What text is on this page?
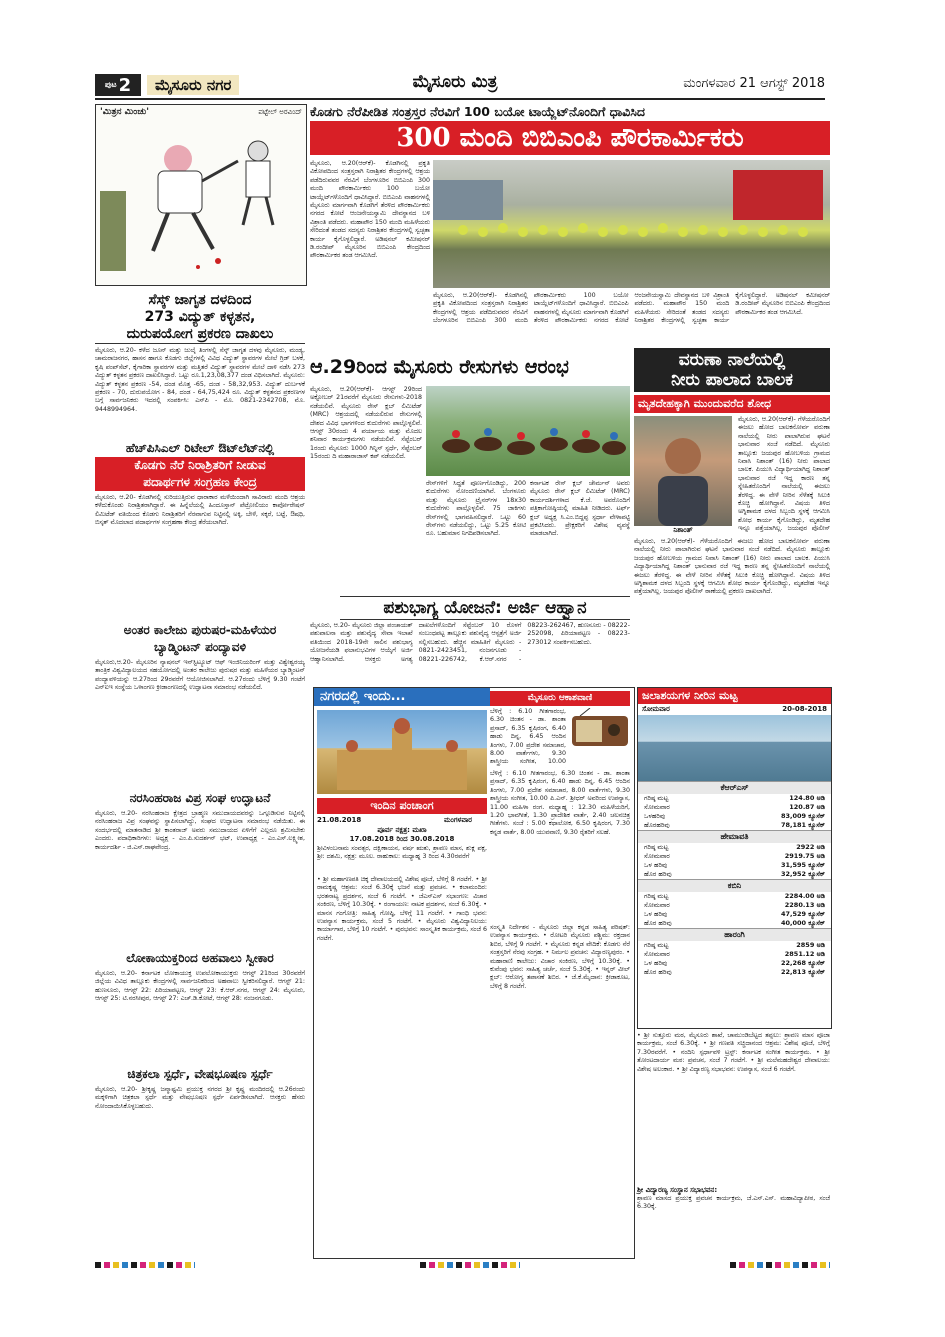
ಪುಟ 2	ಮೈಸೂರು ನಗರ	ಮೈಸೂರು ಮಿತ್ರ	ಮಂಗಳವಾರ 21 ಆಗಸ್ಟ್ 2018
'ಮಿತ್ರನ ಮಿಂಚು'	ಪಟ್ಟೇಲ್ ಅರವಿಂದ್ ಕೊಡಗು ನೆರೆಪೀಡಿತ ಸಂತ್ರಸ್ತರ ನೆರವಿಗೆ 100 ಬಯೋ ಟಾಯ್ಲೆಟ್‌ನೊಂದಿಗೆ ಧಾವಿಸಿದ
300 ಮಂದಿ ಬಿಬಿಎಂಪಿ ಪೌರಕಾರ್ಮಿಕರು
ಮೈಸೂರು, ಆ.20(ಆರ್‌ಕೆ)- ಕೊಡಗಿನಲ್ಲಿ ಪ್ರಕೃತಿ ವಿಕೋಪದಿಂದ ಸಂತ್ರಸ್ತರಾಗಿ ನಿರಾಶ್ರಿತರ ಕೇಂದ್ರಗಳಲ್ಲಿ ಆಶ್ರಯ ಪಡೆದಿರುವವರ ನೆರವಿಗೆ ಬೆಂಗಳೂರಿನ ಬಿಬಿಎಂಪಿ 300 ಮಂದಿ ಪೌರಕಾರ್ಮಿಕರು 100 ಬಯೋ ಟಾಯ್ಲೆಟ್‌ಗಳೊಂದಿಗೆ ಧಾವಿಸಿದ್ದಾರೆ. ಬಿಬಿಎಂಪಿ ವಾಹನಗಳಲ್ಲಿ ಮೈಸೂರು ಮಾರ್ಗವಾಗಿ ಕೊಡಗಿಗೆ ತೆರಳಿದ ಪೌರಕಾರ್ಮಿಕರು ನಗರದ ಕೋಟೆ ಆಂಜನೇಯಸ್ವಾಮಿ ದೇವಸ್ಥಾನದ ಬಳಿ ವಿಶ್ರಾಂತಿ ಪಡೆದರು. ಮಹಾಪೌರ 150 ಮಂದಿ ಮಹಿಳೆಯರು ಸೇರಿದಂತೆ ತಂಡದ ಸದಸ್ಯರು ನಿರಾಶ್ರಿತರ ಕೇಂದ್ರಗಳಲ್ಲಿ ಸ್ವಚ್ಛತಾ ಕಾರ್ಯ ಕೈಗೊಳ್ಳಲಿದ್ದಾರೆ. ಅಡಿಷನಲ್ ಕಮೀಷನರ್ ಡಿ.ರಂದೀಪ್ ಮೈಸೂರಿನ ಬಿಬಿಎಂಪಿ ಕೇಂದ್ರದಿಂದ ಪೌರಕಾರ್ಮಿಕರ ತಂಡ ಆಗಮಿಸಿದೆ.
ಮೈಸೂರು, ಆ.20(ಆರ್‌ಕೆ)- ಕೊಡಗಿನಲ್ಲಿ ಪ್ರಕೃತಿ ವಿಕೋಪದಿಂದ ಸಂತ್ರಸ್ತರಾಗಿ ನಿರಾಶ್ರಿತರ ಕೇಂದ್ರಗಳಲ್ಲಿ ಆಶ್ರಯ ಪಡೆದಿರುವವರ ನೆರವಿಗೆ ಬೆಂಗಳೂರಿನ ಬಿಬಿಎಂಪಿ 300 ಮಂದಿ ಪೌರಕಾರ್ಮಿಕರು 100 ಬಯೋ ಟಾಯ್ಲೆಟ್‌ಗಳೊಂದಿಗೆ ಧಾವಿಸಿದ್ದಾರೆ. ಬಿಬಿಎಂಪಿ ವಾಹನಗಳಲ್ಲಿ ಮೈಸೂರು ಮಾರ್ಗವಾಗಿ ಕೊಡಗಿಗೆ ತೆರಳಿದ ಪೌರಕಾರ್ಮಿಕರು ನಗರದ ಕೋಟೆ ಆಂಜನೇಯಸ್ವಾಮಿ ದೇವಸ್ಥಾನದ ಬಳಿ ವಿಶ್ರಾಂತಿ ಪಡೆದರು. ಮಹಾಪೌರ 150 ಮಂದಿ ಮಹಿಳೆಯರು ಸೇರಿದಂತೆ ತಂಡದ ಸದಸ್ಯರು ನಿರಾಶ್ರಿತರ ಕೇಂದ್ರಗಳಲ್ಲಿ ಸ್ವಚ್ಛತಾ ಕಾರ್ಯ ಕೈಗೊಳ್ಳಲಿದ್ದಾರೆ. ಅಡಿಷನಲ್ ಕಮೀಷನರ್ ಡಿ.ರಂದೀಪ್ ಮೈಸೂರಿನ ಬಿಬಿಎಂಪಿ ಕೇಂದ್ರದಿಂದ ಪೌರಕಾರ್ಮಿಕರ ತಂಡ ಆಗಮಿಸಿದೆ.
ಸೆಸ್ಕ್ ಜಾಗೃತ ದಳದಿಂದ
273 ವಿದ್ಯುತ್ ಕಳ್ಳತನ,
ದುರುಪಯೋಗ ಪ್ರಕರಣ ದಾಖಲು
ಮೈಸೂರು, ಆ.20- ಕಳೆದ ಜೂನ್ ಮತ್ತು ಜುಲೈ ತಿಂಗಳಲ್ಲಿ ಸೆಸ್ಕ್ ಜಾಗೃತ ದಳವು ಮೈಸೂರು, ಮಂಡ್ಯ, ಚಾಮರಾಜನಗರ, ಹಾಸನ ಹಾಗೂ ಕೊಡಗು ಜಿಲ್ಲೆಗಳಲ್ಲಿ ವಿವಿಧ ವಿದ್ಯುತ್ ಸ್ಥಾವರಗಳ ಮೇಲೆ ಗ್ರಿಡ್ ಬಳಕೆ, ಕೃಷಿ ಪಂಪ್‌ಸೆಟ್, ಕೈಗಾರಿಕಾ ಸ್ಥಾವರಗಳ ಮತ್ತು ಮತ್ತಿತರೆ ವಿದ್ಯುತ್ ಸ್ಥಾವರಗಳ ಮೇಲೆ ದಾಳಿ ನಡೆಸಿ 273 ವಿದ್ಯುತ್ ಕಳ್ಳತನ ಪ್ರಕರಣ ದಾಖಲಿಸಿದ್ದಾರೆ. ಒಟ್ಟು ರೂ.1,23,08,377 ದಂಡ ವಿಧಿಸಲಾಗಿದೆ. ಮೈಸೂರು: ವಿದ್ಯುತ್ ಕಳ್ಳತನ ಪ್ರಕರಣ -54, ದಂಡ ಮೊತ್ತ -65, ದಂಡ - 58,32,953. ವಿದ್ಯುತ್ ದುರ್ಬಳಕೆ ಪ್ರಕರಣ - 70, ದುರುಪಯೋಗ - 84, ದಂಡ - 64,75,424 ರೂ. ವಿದ್ಯುತ್ ಕಳ್ಳತನದ ಪ್ರಕರಣಗಳ ಬಗ್ಗೆ ಸಾರ್ವಜನಿಕರು ಇದರಲ್ಲಿ ಸಂಪರ್ಕಿಸಿ: ಎಸ್‌ಪಿ - ಮೊ. 0821-2342708, ಮೊ. 9448994964.
ಹೆಚ್‌ಪಿಸಿಎಲ್ ರಿಟೇಲ್ ಔಟ್‌ಲೆಟ್‌ನಲ್ಲಿ
ಕೊಡಗು ನೆರೆ ನಿರಾಶ್ರಿತರಿಗೆ ನೀಡುವ
ಪದಾರ್ಥಗಳ ಸಂಗ್ರಹಣ ಕೇಂದ್ರ
ಮೈಸೂರು, ಆ.20- ಕೊಡಗಿನಲ್ಲಿ ಸುರಿಯುತ್ತಿರುವ ಧಾರಾಕಾರ ಮಳೆಯಿಂದಾಗಿ ಸಾವಿರಾರು ಮಂದಿ ಆಶ್ರಯ ಕಳೆದುಕೊಂಡು ನಿರಾಶ್ರಿತರಾಗಿದ್ದಾರೆ. ಈ ಹಿನ್ನೆಲೆಯಲ್ಲಿ ಹಿಂದೂಸ್ತಾನ್ ಪೆಟ್ರೋಲಿಯಂ ಕಾರ್ಪೋರೇಷನ್ ಲಿಮಿಟೆಡ್ ವತಿಯಿಂದ ಕೊಡಗು ನಿರಾಶ್ರಿತರಿಗೆ ನೆರವಾಗುವ ನಿಟ್ಟಿನಲ್ಲಿ ಅಕ್ಕಿ, ಬೇಳೆ, ಸಕ್ಕರೆ, ಬಟ್ಟೆ, ಔಷಧಿ, ಬಿಸ್ಕತ್ ಮೊದಲಾದ ಪದಾರ್ಥಗಳ ಸಂಗ್ರಹಣಾ ಕೇಂದ್ರ ತೆರೆಯಲಾಗಿದೆ.
ಅಂತರ ಕಾಲೇಜು ಪುರುಷರ-ಮಹಿಳೆಯರ
ಬ್ಯಾಡ್ಮಿಂಟನ್ ಪಂದ್ಯಾವಳಿ
ಮೈಸೂರು,ಆ.20- ಮೈಸೂರಿನ ನ್ಯಾಷನಲ್ ಇನ್‌ಸ್ಟಿಟ್ಯೂಟ್ ಆಫ್ ಇಂಜಿನಿಯರಿಂಗ್ ಮತ್ತು ವಿಶ್ವೇಶ್ವರಯ್ಯ ತಾಂತ್ರಿಕ ವಿಶ್ವವಿದ್ಯಾಲಯದ ಸಹಯೋಗದಲ್ಲಿ ಅಂತರ ಕಾಲೇಜು ಪುರುಷರ ಮತ್ತು ಮಹಿಳೆಯರ ಬ್ಯಾಡ್ಮಿಂಟನ್ ಪಂದ್ಯಾವಳಿಯನ್ನು ಆ.27ರಿಂದ 29ರವರೆಗೆ ಆಯೋಜಿಸಲಾಗಿದೆ. ಆ.27ರಂದು ಬೆಳಿಗ್ಗೆ 9.30 ಗಂಟೆಗೆ ಎನ್‌ಐಇ ಸಂಸ್ಥೆಯ ಒಳಾಂಗಣ ಕ್ರೀಡಾಂಗಣದಲ್ಲಿ ಉದ್ಘಾಟನಾ ಸಮಾರಂಭ ನಡೆಯಲಿದೆ.
ನರಸಿಂಹರಾಜ ವಿಪ್ರ ಸಂಘ ಉದ್ಘಾಟನೆ
ಮೈಸೂರು, ಆ.20- ನರಸಿಂಹರಾಜ ಕ್ಷೇತ್ರದ ಬ್ರಾಹ್ಮಣ ಸಮುದಾಯದವರನ್ನು ಒಗ್ಗೂಡಿಸುವ ನಿಟ್ಟಿನಲ್ಲಿ ನರಸಿಂಹರಾಜ ವಿಪ್ರ ಸಂಘವನ್ನು ಸ್ಥಾಪಿಸಲಾಗಿದ್ದು, ಸಂಘದ ಉದ್ಘಾಟನಾ ಸಮಾರಂಭ ನಡೆಯಿತು. ಈ ಸಂದರ್ಭದಲ್ಲಿ ಮಾತನಾಡಿದ ಶ್ರೀ ಕಾಂತರಾಜ್ ಅವರು ಸಮುದಾಯದ ಏಳಿಗೆಗೆ ಎಲ್ಲರೂ ಶ್ರಮಿಸಬೇಕು ಎಂದರು. ಪದಾಧಿಕಾರಿಗಳು: ಅಧ್ಯಕ್ಷ - ಎಂ.ಪಿ.ಸುದರ್ಶನ್ ಭಟ್, ಉಪಾಧ್ಯಕ್ಷ - ಎಂ.ಎಸ್.ಲಕ್ಷ್ಮೀಶ, ಕಾರ್ಯದರ್ಶಿ - ಜಿ.ಎಸ್.ರಾಘವೇಂದ್ರ.
ಲೋಕಾಯುಕ್ತರಿಂದ ಅಹವಾಲು ಸ್ವೀಕಾರ
ಮೈಸೂರು, ಆ.20- ಕರ್ನಾಟಕ ಲೋಕಾಯುಕ್ತ ಉಪಲೋಕಾಯುಕ್ತರು ಆಗಸ್ಟ್ 21ರಿಂದ 30ರವರೆಗೆ ಜಿಲ್ಲೆಯ ವಿವಿಧ ತಾಲ್ಲೂಕು ಕೇಂದ್ರಗಳಲ್ಲಿ ಸಾರ್ವಜನಿಕರಿಂದ ಅಹವಾಲು ಸ್ವೀಕರಿಸಲಿದ್ದಾರೆ. ಆಗಸ್ಟ್ 21: ಹುಣಸೂರು, ಆಗಸ್ಟ್ 22: ಪಿರಿಯಾಪಟ್ಟಣ, ಆಗಸ್ಟ್ 23: ಕೆ.ಆರ್.ನಗರ, ಆಗಸ್ಟ್ 24: ಮೈಸೂರು, ಆಗಸ್ಟ್ 25: ಟಿ.ನರಸೀಪುರ, ಆಗಸ್ಟ್ 27: ಎಚ್.ಡಿ.ಕೋಟೆ, ಆಗಸ್ಟ್ 28: ನಂಜನಗೂಡು.
ಚಿತ್ರಕಲಾ ಸ್ಪರ್ಧೆ, ವೇಷಭೂಷಣ ಸ್ಪರ್ಧೆ
ಮೈಸೂರು, ಆ.20- ಶ್ರೀಕೃಷ್ಣ ಜನ್ಮಾಷ್ಟಮಿ ಪ್ರಯುಕ್ತ ನಗರದ ಶ್ರೀ ಕೃಷ್ಣ ಮಂದಿರದಲ್ಲಿ ಆ.26ರಂದು ಮಕ್ಕಳಿಗಾಗಿ ಚಿತ್ರಕಲಾ ಸ್ಪರ್ಧೆ ಮತ್ತು ವೇಷಭೂಷಣ ಸ್ಪರ್ಧೆ ಏರ್ಪಡಿಸಲಾಗಿದೆ. ಆಸಕ್ತರು ಹೆಸರು ನೋಂದಾಯಿಸಿಕೊಳ್ಳಬಹುದು.
ಆ.29ರಿಂದ ಮೈಸೂರು ರೇಸುಗಳು ಆರಂಭ
ಮೈಸೂರು, ಆ.20(ಆರ್‌ಕೆ)- ಆಗಸ್ಟ್ 29ರಿಂದ ಅಕ್ಟೋಬರ್ 21ರವರೆಗೆ ಮೈಸೂರು ರೇಸುಗಳು-2018 ನಡೆಯಲಿವೆ. ಮೈಸೂರು ರೇಸ್ ಕ್ಲಬ್ ಲಿಮಿಟೆಡ್ (MRC) ಆಶ್ರಯದಲ್ಲಿ ನಡೆಯಲಿರುವ ರೇಸುಗಳಲ್ಲಿ ದೇಶದ ವಿವಿಧ ಭಾಗಗಳಿಂದ ಕುದುರೆಗಳು ಪಾಲ್ಗೊಳ್ಳಲಿವೆ. ಆಗಸ್ಟ್ 30ರಂದು 4 ಪರ್ಯಾಯ ಮತ್ತು ಮೊದಲ ಶನಿವಾರ ಕಾರ್ಯಕ್ರಮಗಳು ನಡೆಯಲಿವೆ. ಸೆಪ್ಟೆಂಬರ್ 1ರಂದು ಮೈಸೂರು 1000 ಗಿನ್ನಿಸ್ ಸ್ಪರ್ಧೆ, ಸೆಪ್ಟೆಂಬರ್ 15ರಂದು ದಿ ಮಹಾರಾಜಾಸ್ ಕಪ್ ನಡೆಯಲಿದೆ.
ರೇಸ್‌ಗಳಿಗೆ ಸಿದ್ಧತೆ ಪೂರ್ಣಗೊಂಡಿದ್ದು, 200 ಕುದುರೆಗಳು ನೋಂದಣಿಯಾಗಿವೆ. ಬೆಂಗಳೂರು ಮತ್ತು ಮೈಸೂರು ಟ್ರೈನರ್‌ಗಳ 18x30 ಕುದುರೆಗಳು ಪಾಲ್ಗೊಳ್ಳಲಿವೆ. 75 ಜಾಕಿಗಳು ರೇಸ್‌ಗಳಲ್ಲಿ ಭಾಗವಹಿಸಲಿದ್ದಾರೆ. ಒಟ್ಟು 60 ರೇಸ್‌ಗಳು ನಡೆಯಲಿದ್ದು, ಒಟ್ಟು 5.25 ಕೋಟಿ ರೂ. ಬಹುಮಾನ ನಿಗದಿಪಡಿಸಲಾಗಿದೆ.
ಕರ್ನಾಟಕ ರೇಸ್ ಕ್ಲಬ್ ಚೇರ್ಮನ್ ಅವರು ಮೈಸೂರು ರೇಸ್ ಕ್ಲಬ್ ಲಿಮಿಟೆಡ್ (MRC) ಕಾರ್ಯದರ್ಶಿಗಳಾದ ಕೆ.ಜೆ. ಅವರೊಂದಿಗೆ ಪತ್ರಿಕಾಗೋಷ್ಠಿಯಲ್ಲಿ ಮಾಹಿತಿ ನೀಡಿದರು. ಟರ್ಫ್ ಕ್ಲಬ್ ಅಧ್ಯಕ್ಷ ಸಿ.ಎಂ.ಬಿದ್ದಪ್ಪ ಸ್ಪರ್ಧಾ ವೇಳಾಪಟ್ಟಿ ಪ್ರಕಟಿಸಿದರು. ಪ್ರೇಕ್ಷಕರಿಗೆ ವಿಶೇಷ ವ್ಯವಸ್ಥೆ ಮಾಡಲಾಗಿದೆ.
ವರುಣಾ ನಾಲೆಯಲ್ಲಿ
ನೀರು ಪಾಲಾದ ಬಾಲಕ
ಮೃತದೇಹಕ್ಕಾಗಿ ಮುಂದುವರೆದ ಶೋಧ
ಮೈಸೂರು, ಆ.20(ಆರ್‌ಕೆ)- ಗೆಳೆಯರೊಂದಿಗೆ ಈಜಲು ಹೋದ ಬಾಲಕನೋರ್ವ ವರುಣಾ ನಾಲೆಯಲ್ಲಿ ನೀರು ಪಾಲಾಗಿರುವ ಘಟನೆ ಭಾನುವಾರ ಸಂಜೆ ನಡೆದಿದೆ. ಮೈಸೂರು ತಾಲ್ಲೂಕು ಜಯಪುರ ಹೋಬಳಿಯ ಗ್ರಾಮದ ನಿವಾಸಿ ನಿಶಾಂತ್ (16) ನೀರು ಪಾಲಾದ ಬಾಲಕ. ಪಿಯುಸಿ ವಿದ್ಯಾರ್ಥಿಯಾಗಿದ್ದ ನಿಶಾಂತ್ ಭಾನುವಾರ ರಜೆ ಇದ್ದ ಕಾರಣ ತನ್ನ ಸ್ನೇಹಿತರೊಂದಿಗೆ ನಾಲೆಯಲ್ಲಿ ಈಜಲು ತೆರಳಿದ್ದ. ಈ ವೇಳೆ ನೀರಿನ ಸೆಳೆತಕ್ಕೆ ಸಿಲುಕಿ ಕೊಚ್ಚಿ ಹೋಗಿದ್ದಾನೆ. ವಿಷಯ ತಿಳಿದ ಅಗ್ನಿಶಾಮಕ ದಳದ ಸಿಬ್ಬಂದಿ ಸ್ಥಳಕ್ಕೆ ಆಗಮಿಸಿ ಶೋಧ ಕಾರ್ಯ ಕೈಗೊಂಡಿದ್ದು, ಮೃತದೇಹ ಇನ್ನೂ ಪತ್ತೆಯಾಗಿಲ್ಲ. ಜಯಪುರ ಪೊಲೀಸ್
ನಿಶಾಂತ್
ಮೈಸೂರು, ಆ.20(ಆರ್‌ಕೆ)- ಗೆಳೆಯರೊಂದಿಗೆ ಈಜಲು ಹೋದ ಬಾಲಕನೋರ್ವ ವರುಣಾ ನಾಲೆಯಲ್ಲಿ ನೀರು ಪಾಲಾಗಿರುವ ಘಟನೆ ಭಾನುವಾರ ಸಂಜೆ ನಡೆದಿದೆ. ಮೈಸೂರು ತಾಲ್ಲೂಕು ಜಯಪುರ ಹೋಬಳಿಯ ಗ್ರಾಮದ ನಿವಾಸಿ ನಿಶಾಂತ್ (16) ನೀರು ಪಾಲಾದ ಬಾಲಕ. ಪಿಯುಸಿ ವಿದ್ಯಾರ್ಥಿಯಾಗಿದ್ದ ನಿಶಾಂತ್ ಭಾನುವಾರ ರಜೆ ಇದ್ದ ಕಾರಣ ತನ್ನ ಸ್ನೇಹಿತರೊಂದಿಗೆ ನಾಲೆಯಲ್ಲಿ ಈಜಲು ತೆರಳಿದ್ದ. ಈ ವೇಳೆ ನೀರಿನ ಸೆಳೆತಕ್ಕೆ ಸಿಲುಕಿ ಕೊಚ್ಚಿ ಹೋಗಿದ್ದಾನೆ. ವಿಷಯ ತಿಳಿದ ಅಗ್ನಿಶಾಮಕ ದಳದ ಸಿಬ್ಬಂದಿ ಸ್ಥಳಕ್ಕೆ ಆಗಮಿಸಿ ಶೋಧ ಕಾರ್ಯ ಕೈಗೊಂಡಿದ್ದು, ಮೃತದೇಹ ಇನ್ನೂ ಪತ್ತೆಯಾಗಿಲ್ಲ. ಜಯಪುರ ಪೊಲೀಸ್ ಠಾಣೆಯಲ್ಲಿ ಪ್ರಕರಣ ದಾಖಲಾಗಿದೆ.
ಪಶುಭಾಗ್ಯ ಯೋಜನೆ: ಅರ್ಜಿ ಆಹ್ವಾನ
ಮೈಸೂರು, ಆ.20- ಮೈಸೂರು ಜಿಲ್ಲಾ ಪಂಚಾಯತ್ ಪಶುಪಾಲನಾ ಮತ್ತು ಪಶುವೈದ್ಯ ಸೇವಾ ಇಲಾಖೆ ವತಿಯಿಂದ 2018-19ನೇ ಸಾಲಿನ ಪಶುಭಾಗ್ಯ ಯೋಜನೆಯಡಿ ಫಲಾನುಭವಿಗಳ ಆಯ್ಕೆಗೆ ಅರ್ಜಿ ಆಹ್ವಾನಿಸಲಾಗಿದೆ. ಆಸಕ್ತರು ಅಗತ್ಯ ದಾಖಲೆಗಳೊಂದಿಗೆ ಸೆಪ್ಟೆಂಬರ್ 10 ರೊಳಗೆ ಸಂಬಂಧಪಟ್ಟ ತಾಲ್ಲೂಕು ಪಶುವೈದ್ಯ ಆಸ್ಪತ್ರೆಗೆ ಅರ್ಜಿ ಸಲ್ಲಿಸಬಹುದು. ಹೆಚ್ಚಿನ ಮಾಹಿತಿಗೆ ಮೈಸೂರು - 0821-2423451, ನಂಜನಗೂಡು - 08221-226742, ಕೆ.ಆರ್.ನಗರ - 08223-262467, ಹುಣಸೂರು - 08222-252098, ಪಿರಿಯಾಪಟ್ಟಣ - 08223-273012 ಸಂಪರ್ಕಿಸಬಹುದು.
ನಗರದಲ್ಲಿ ಇಂದು...
ಇಂದಿನ ಪಂಚಾಂಗ
21.08.2018	ಮಂಗಳವಾರ
ಪೂರ್ವ ನಕ್ಷತ್ರ: ಮಖಾ
17.08.2018 ರಿಂದ 30.08.2018
ಶ್ರೀವಿಳಂಬನಾಮ ಸಂವತ್ಸರ, ದಕ್ಷಿಣಾಯನ, ವರ್ಷ ಋತು, ಶ್ರಾವಣ ಮಾಸ, ಶುಕ್ಲ ಪಕ್ಷ, ಶ್ರೀ: ದಶಮಿ, ನಕ್ಷತ್ರ: ಮೂಲ. ರಾಹುಕಾಲ: ಮಧ್ಯಾಹ್ನ 3 ರಿಂದ 4.30ರವರೆಗೆ
• ಶ್ರೀ ಮಹಾಗಣಪತಿ ಚಿಕ್ಕ ದೇವಾಲಯದಲ್ಲಿ ವಿಶೇಷ ಪೂಜೆ, ಬೆಳಿಗ್ಗೆ 8 ಗಂಟೆಗೆ. • ಶ್ರೀ ರಾಮಕೃಷ್ಣ ಆಶ್ರಮ: ಸಂಜೆ 6.30ಕ್ಕೆ ಭಜನೆ ಮತ್ತು ಪ್ರವಚನ. • ಕಲಾಮಂದಿರ: ಭರತನಾಟ್ಯ ಪ್ರದರ್ಶನ, ಸಂಜೆ 6 ಗಂಟೆಗೆ. • ಜೆಎಸ್‌ಎಸ್ ಸಭಾಂಗಣ: ವಿಚಾರ ಸಂಕಿರಣ, ಬೆಳಿಗ್ಗೆ 10.30ಕ್ಕೆ. • ರಂಗಾಯಣ: ನಾಟಕ ಪ್ರದರ್ಶನ, ಸಂಜೆ 6.30ಕ್ಕೆ. • ಮಾನಸ ಗಂಗೋತ್ರಿ: ಸಾಹಿತ್ಯ ಗೋಷ್ಠಿ, ಬೆಳಿಗ್ಗೆ 11 ಗಂಟೆಗೆ. • ಗಾಂಧಿ ಭವನ: ಉಪನ್ಯಾಸ ಕಾರ್ಯಕ್ರಮ, ಸಂಜೆ 5 ಗಂಟೆಗೆ. • ಮೈಸೂರು ವಿಶ್ವವಿದ್ಯಾನಿಲಯ: ಕಾರ್ಯಾಗಾರ, ಬೆಳಿಗ್ಗೆ 10 ಗಂಟೆಗೆ. • ಪುರಭವನ: ಸಾಂಸ್ಕೃತಿಕ ಕಾರ್ಯಕ್ರಮ, ಸಂಜೆ 6 ಗಂಟೆಗೆ.
ಮೈಸೂರು ಆಕಾಶವಾಣಿ
ಬೆಳಿಗ್ಗೆ : 6.10 ಗೀತಗಾರಂಭ, 6.30 ಚಿಂತನ - ಡಾ. ಶಾಂತಾ ಪ್ರಸಾದ್, 6.35 ಕೃಷಿರಂಗ, 6.40 ಹಾಡು ದಿನ್ನ, 6.45 ಆಂದಿನ ತಿಂಗಳು, 7.00 ಪ್ರದೇಶ ಸಮಾಚಾರ, 8.00 ವಾರ್ತೆಗಳು, 9.30 ಶಾಸ್ತ್ರೀಯ ಸಂಗೀತ, 10.00
ಬೆಳಿಗ್ಗೆ : 6.10 ಗೀತಗಾರಂಭ, 6.30 ಚಿಂತನ - ಡಾ. ಶಾಂತಾ ಪ್ರಸಾದ್, 6.35 ಕೃಷಿರಂಗ, 6.40 ಹಾಡು ದಿನ್ನ, 6.45 ಆಂದಿನ ತಿಂಗಳು, 7.00 ಪ್ರದೇಶ ಸಮಾಚಾರ, 8.00 ವಾರ್ತೆಗಳು, 9.30 ಶಾಸ್ತ್ರೀಯ ಸಂಗೀತ, 10.00 ಪಿ.ಎನ್. ಶ್ರೀಧರ್ ಅವರಿಂದ ಉಪನ್ಯಾಸ, 11.00 ಮಹಿಳಾ ರಂಗ. ಮಧ್ಯಾಹ್ನ : 12.30 ಮಹಿಳೆಯರಿಗೆ, 1.20 ಭಾವಗೀತೆ, 1.30 ಪ್ರಾದೇಶಿಕ ವಾರ್ತೆ, 2.40 ಚಲನಚಿತ್ರ ಗೀತೆಗಳು. ಸಂಜೆ : 5.00 ಕಥಾಲೋಕ, 6.50 ಕೃಷಿರಂಗ, 7.30 ಕನ್ನಡ ವಾರ್ತೆ, 8.00 ಯುವವಾಣಿ, 9.30 ರೈತರಿಗೆ ಸಲಹೆ.
ಸಂಸ್ಕೃತಿ ನಿರ್ದೇಶನ - ಮೈಸೂರು ಜಿಲ್ಲಾ ಕನ್ನಡ ಸಾಹಿತ್ಯ ಪರಿಷತ್: ಉಪನ್ಯಾಸ ಕಾರ್ಯಕ್ರಮ. • ರೋಟರಿ ಮೈಸೂರು ಪಶ್ಚಿಮ: ರಕ್ತದಾನ ಶಿಬಿರ, ಬೆಳಿಗ್ಗೆ 9 ಗಂಟೆಗೆ. • ಮೈಸೂರು ಕನ್ನಡ ವೇದಿಕೆ: ಕೊಡಗು ನೆರೆ ಸಂತ್ರಸ್ತರಿಗೆ ನೆರವು ಸಂಗ್ರಹ. • ನಿರ್ಮಲ ಪ್ರವಚನ: ವಿದ್ಯಾರಣ್ಯಪುರಂ. • ಮಹಾರಾಣಿ ಕಾಲೇಜು: ವಿಚಾರ ಸಂಕಿರಣ, ಬೆಳಿಗ್ಗೆ 10.30ಕ್ಕೆ. • ಕುವೆಂಪು ಭವನ: ಸಾಹಿತ್ಯ ಚರ್ಚೆ, ಸಂಜೆ 5.30ಕ್ಕೆ. • ಇನ್ನರ್ ವೀಲ್ ಕ್ಲಬ್: ಆರೋಗ್ಯ ತಪಾಸಣೆ ಶಿಬಿರ. • ಜೆ.ಕೆ.ಮೈದಾನ: ಕ್ರೀಡಾಕೂಟ, ಬೆಳಿಗ್ಗೆ 8 ಗಂಟೆಗೆ.
ಜಲಾಶಯಗಳ ನೀರಿನ ಮಟ್ಟ
ಸೋಮವಾರ	20-08-2018
ಕೆಆರ್‌ಎಸ್
ಗರಿಷ್ಠ ಮಟ್ಟ	124.80 ಅಡಿ
ಸೋಮವಾರ	120.87 ಅಡಿ
ಒಳಹರಿವು	83,009 ಕ್ಯೂಸೆಕ್
ಹೊರಹರಿವು	78,181 ಕ್ಯೂಸೆಕ್
ಹೇಮಾವತಿ
ಗರಿಷ್ಠ ಮಟ್ಟ	2922 ಅಡಿ
ಸೋಮವಾರ	2919.75 ಅಡಿ
ಒಳ ಹರಿವು	31,595 ಕ್ಯೂಸೆಕ್
ಹೊರ ಹರಿವು	32,952 ಕ್ಯೂಸೆಕ್
ಕಬಿನಿ
ಗರಿಷ್ಠ ಮಟ್ಟ	2284.00 ಅಡಿ
ಸೋಮವಾರ	2280.13 ಅಡಿ
ಒಳ ಹರಿವು	47,529 ಕ್ಯೂಸೆಕ್
ಹೊರ ಹರಿವು	40,000 ಕ್ಯೂಸೆಕ್
ಹಾರಂಗಿ
ಗರಿಷ್ಠ ಮಟ್ಟ	2859 ಅಡಿ
ಸೋಮವಾರ	2851.12 ಅಡಿ
ಒಳ ಹರಿವು	22,268 ಕ್ಯೂಸೆಕ್
ಹೊರ ಹರಿವು	22,813 ಕ್ಯೂಸೆಕ್
• ಶ್ರೀ ಸುತ್ತೂರು ಮಠ, ಮೈಸೂರು ಶಾಖೆ, ಚಾಮುಂಡಿಬೆಟ್ಟದ ತಪ್ಪಲು: ಶ್ರಾವಣ ಮಾಸ ಪೂಜಾ ಕಾರ್ಯಕ್ರಮ, ಸಂಜೆ 6.30ಕ್ಕೆ. • ಶ್ರೀ ಗಣಪತಿ ಸಚ್ಚಿದಾನಂದ ಆಶ್ರಮ: ವಿಶೇಷ ಪೂಜೆ, ಬೆಳಿಗ್ಗೆ 7.30ರವರೆಗೆ. • ನಂದಿನಿ ಸ್ಪರ್ಧಾವಳಿ ಟ್ರಸ್ಟ್: ಕರ್ನಾಟಕ ಸಂಗೀತ ಕಾರ್ಯಕ್ರಮ. • ಶ್ರೀ ತೋಂಟದಾರ್ಯ ಮಠ: ಪ್ರವಚನ, ಸಂಜೆ 7 ಗಂಟೆಗೆ. • ಶ್ರೀ ಮಲೆಮಹದೇಶ್ವರ ದೇವಾಲಯ: ವಿಶೇಷ ಅಲಂಕಾರ. • ಶ್ರೀ ವಿದ್ಯಾರಣ್ಯ ಸಭಾಭವನ: ಉಪನ್ಯಾಸ, ಸಂಜೆ 6 ಗಂಟೆಗೆ.
ಶ್ರೀ ವಿದ್ಯಾರಣ್ಯ ಸಂಸ್ಥಾನ ಸಭಾಭವನ:
ಶ್ರಾವಣ ಮಾಸದ ಪ್ರಯುಕ್ತ ಪ್ರವಚನ ಕಾರ್ಯಕ್ರಮ, ಜೆ.ಎಸ್.ಎಸ್. ಮಹಾವಿದ್ಯಾಪೀಠ, ಸಂಜೆ 6.30ಕ್ಕೆ.
